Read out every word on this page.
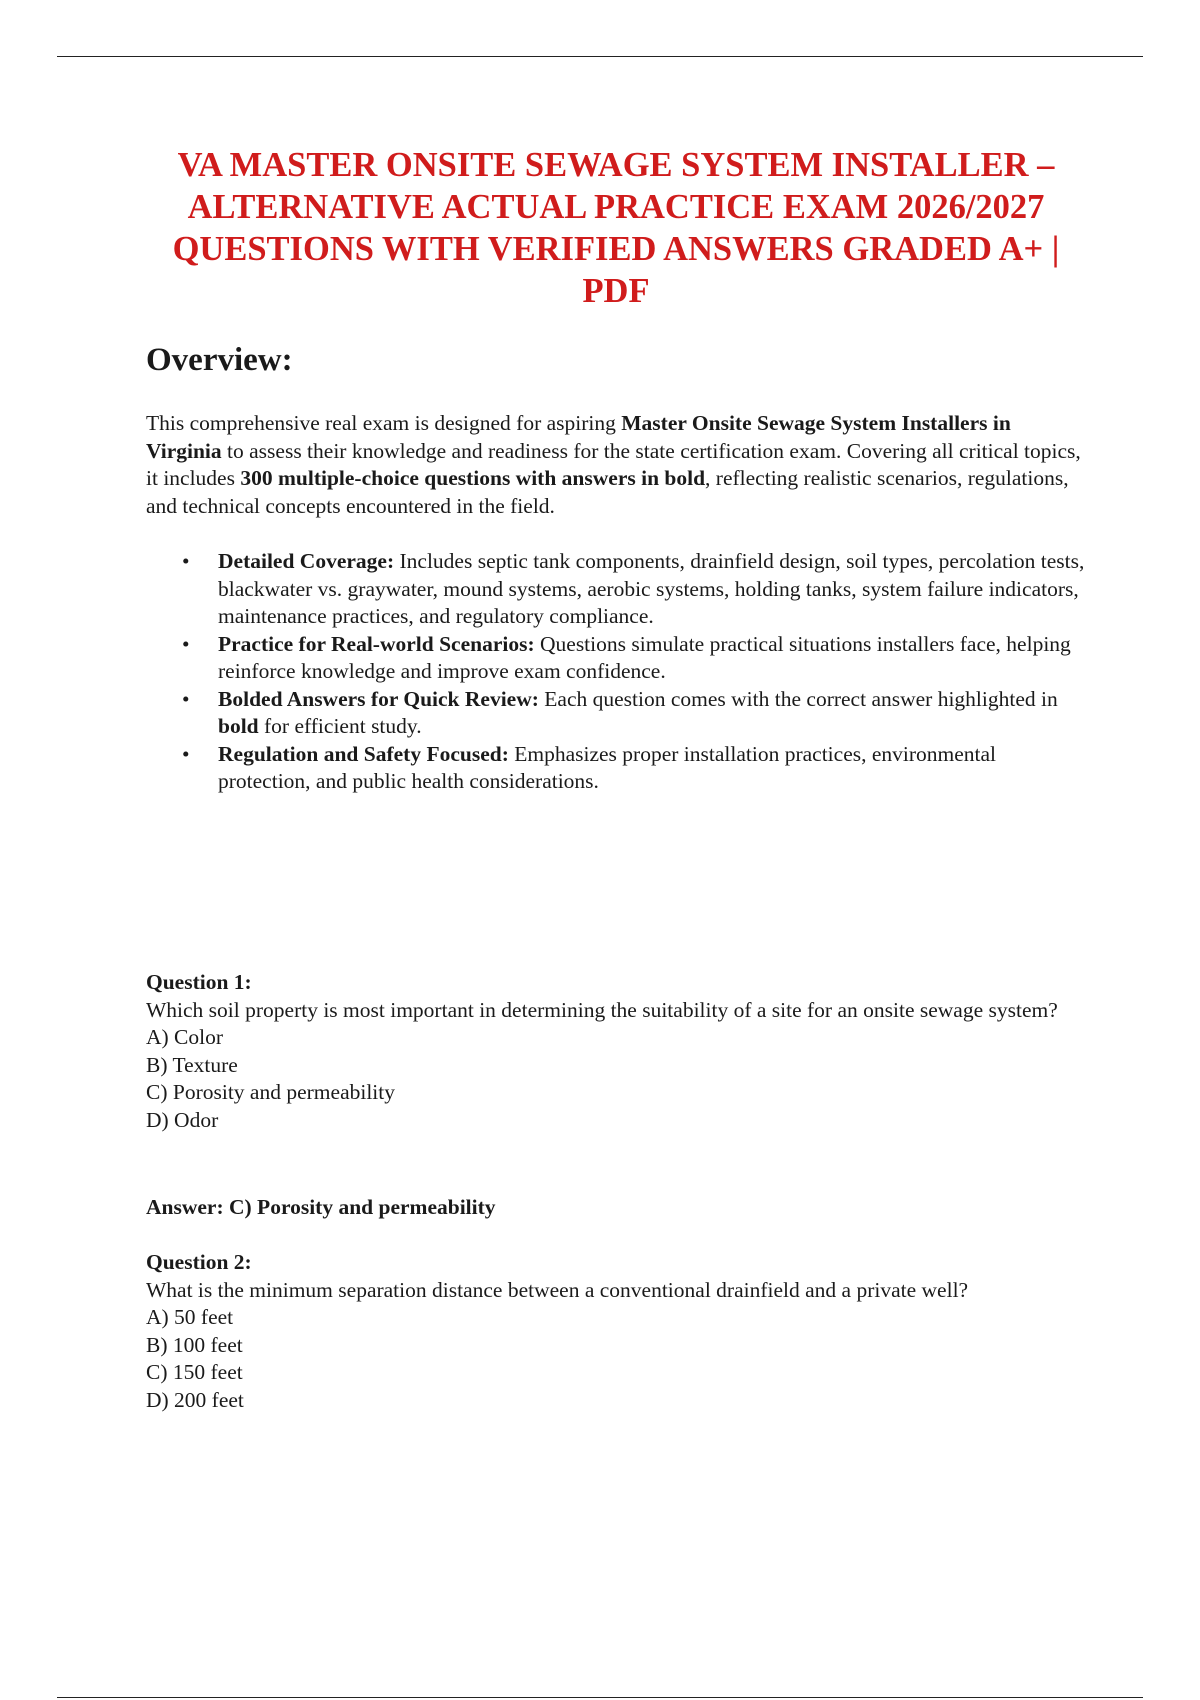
VA MASTER ONSITE SEWAGE SYSTEM INSTALLER –
ALTERNATIVE ACTUAL PRACTICE EXAM 2026/2027
QUESTIONS WITH VERIFIED ANSWERS GRADED A+ |
PDF
Overview:

This comprehensive real exam is designed for aspiring Master Onsite Sewage System Installers in Virginia to assess their knowledge and readiness for the state certification exam. Covering all critical topics, it includes 300 multiple-choice questions with answers in bold, reflecting realistic scenarios, regulations, and technical concepts encountered in the field.

• Detailed Coverage: Includes septic tank components, drainfield design, soil types, percolation tests, blackwater vs. graywater, mound systems, aerobic systems, holding tanks, system failure indicators, maintenance practices, and regulatory compliance.
• Practice for Real-world Scenarios: Questions simulate practical situations installers face, helping reinforce knowledge and improve exam confidence.
• Bolded Answers for Quick Review: Each question comes with the correct answer highlighted in bold for efficient study.
• Regulation and Safety Focused: Emphasizes proper installation practices, environmental protection, and public health considerations.
Question 1:
Which soil property is most important in determining the suitability of a site for an onsite sewage system?
A) Color
B) Texture
C) Porosity and permeability
D) Odor
Answer: C) Porosity and permeability
Question 2:
What is the minimum separation distance between a conventional drainfield and a private well?
A) 50 feet
B) 100 feet
C) 150 feet
D) 200 feet
